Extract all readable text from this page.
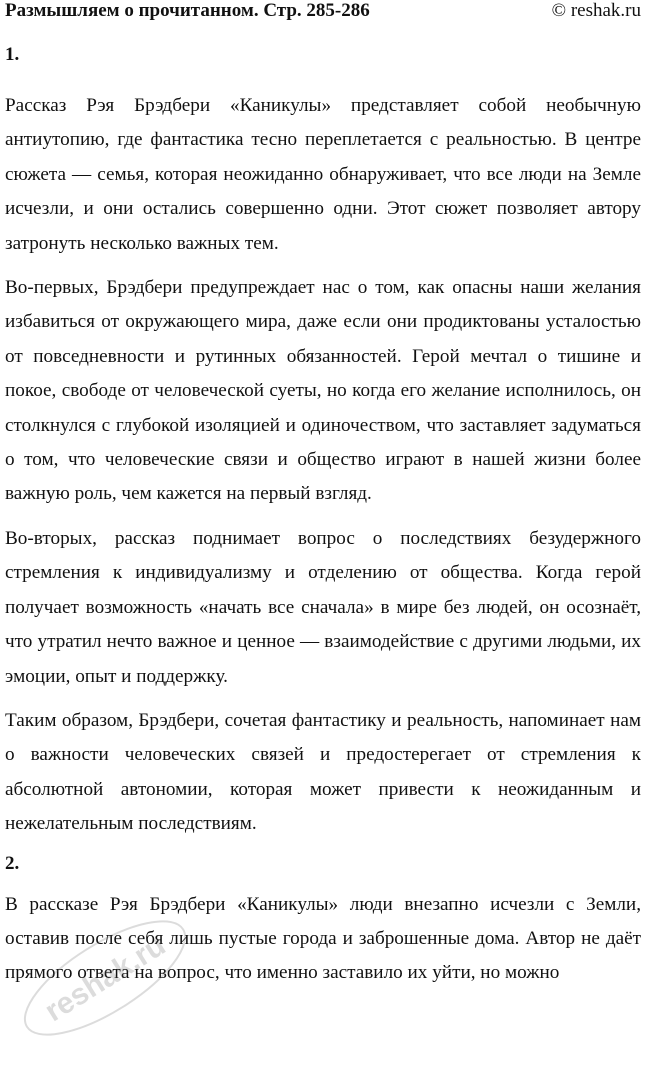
Размышляем о прочитанном. Стр. 285-286	© reshak.ru
1.

Рассказ Рэя Брэдбери «Каникулы» представляет собой необычную антиутопию, где фантастика тесно переплетается с реальностью. В центре сюжета — семья, которая неожиданно обнаруживает, что все люди на Земле исчезли, и они остались совершенно одни. Этот сюжет позволяет автору затронуть несколько важных тем.

Во-первых, Брэдбери предупреждает нас о том, как опасны наши желания избавиться от окружающего мира, даже если они продиктованы усталостью от повседневности и рутинных обязанностей. Герой мечтал о тишине и покое, свободе от человеческой суеты, но когда его желание исполнилось, он столкнулся с глубокой изоляцией и одиночеством, что заставляет задуматься о том, что человеческие связи и общество играют в нашей жизни более важную роль, чем кажется на первый взгляд.

Во-вторых, рассказ поднимает вопрос о последствиях безудержного стремления к индивидуализму и отделению от общества. Когда герой получает возможность «начать все сначала» в мире без людей, он осознаёт, что утратил нечто важное и ценное — взаимодействие с другими людьми, их эмоции, опыт и поддержку.

Таким образом, Брэдбери, сочетая фантастику и реальность, напоминает нам о важности человеческих связей и предостерегает от стремления к абсолютной автономии, которая может привести к неожиданным и нежелательным последствиям.

2.

В рассказе Рэя Брэдбери «Каникулы» люди внезапно исчезли с Земли, оставив после себя лишь пустые города и заброшенные дома. Автор не даёт прямого ответа на вопрос, что именно заставило их уйти, но можно

reshak.ru
